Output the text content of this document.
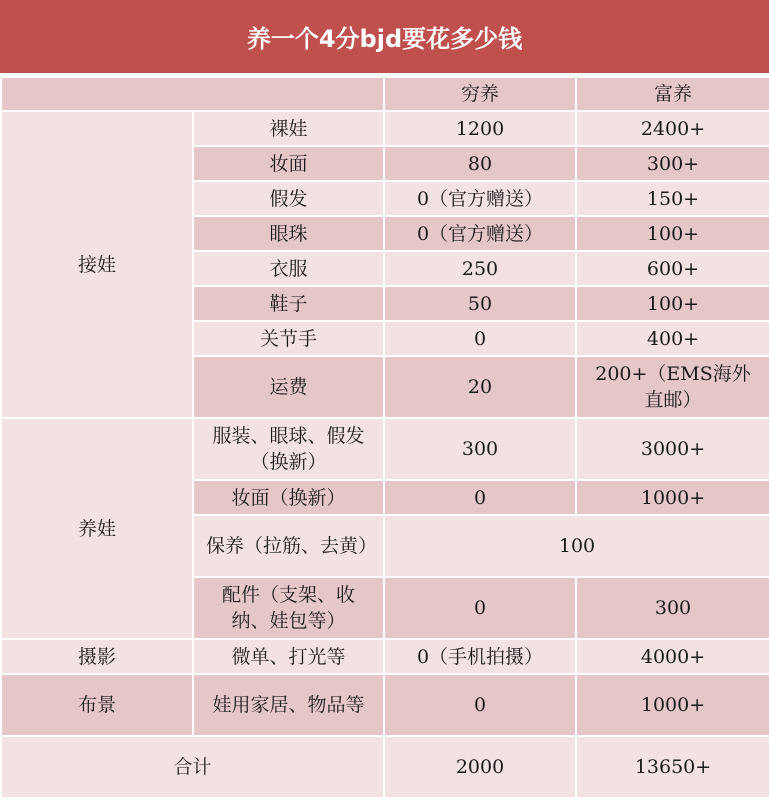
养一个4分bjd要花多少钱
		穷养	富养
接娃	裸娃	1200	2400+
	妆面	80	300+
	假发	0（官方赠送）	150+
	眼珠	0（官方赠送）	100+
	衣服	250	600+
	鞋子	50	100+
	关节手	0	400+
	运费	20	200+（EMS海外直邮）
养娃	服装、眼球、假发（换新）	300	3000+
	妆面（换新）	0	1000+
	保养（拉筋、去黄）	100	
	配件（支架、收纳、娃包等）	0	300
摄影	微单、打光等	0（手机拍摄）	4000+
布景	娃用家居、物品等	0	1000+
合计		2000	13650+
